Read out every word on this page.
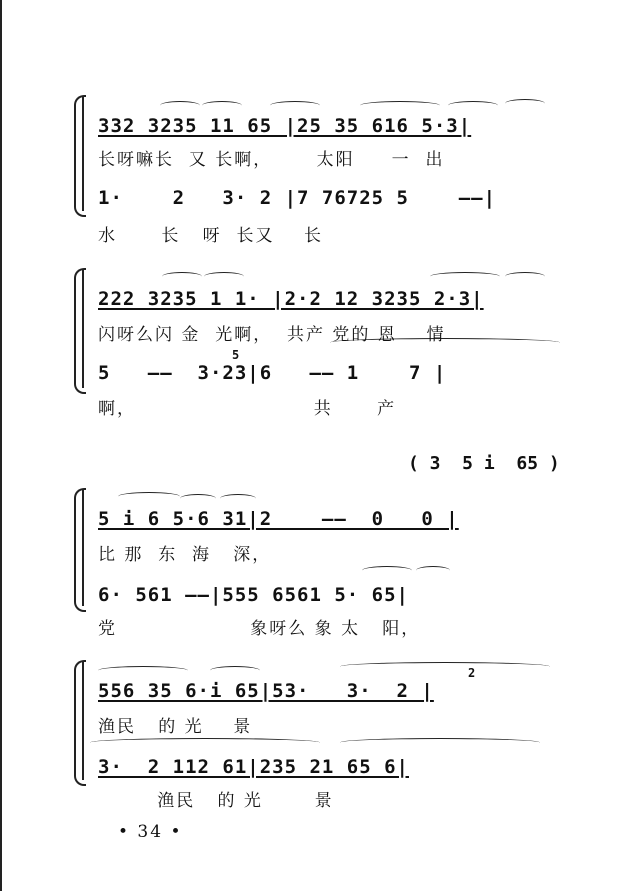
332 3235 11 65 |25 35 616 5·3|
长呀嘛长  又 长啊，      太阳     一  出
1·    2   3· 2 |7 76725 5    ——|
水      长   呀  长又    长
222 3235 1 1· |2·2 12 3235 2·3|
闪呀么闪 金  光啊，  共产 党的 恩    情
5
5   ——  3·23|6   —— 1    7 |
啊，                        共      产
( 3  5 i  65 )
5 i 6 5·6 31|2    ——  0   0 |
比 那  东  海   深，
6· 561 ——|555 6561 5· 65|
党                  象呀么 象 太   阳，
2
556 35 6·i 65|53·   3·  2 |
渔民   的 光    景
3·  2 112 61|235 21 65 6|
渔民   的 光       景
• 34 •
